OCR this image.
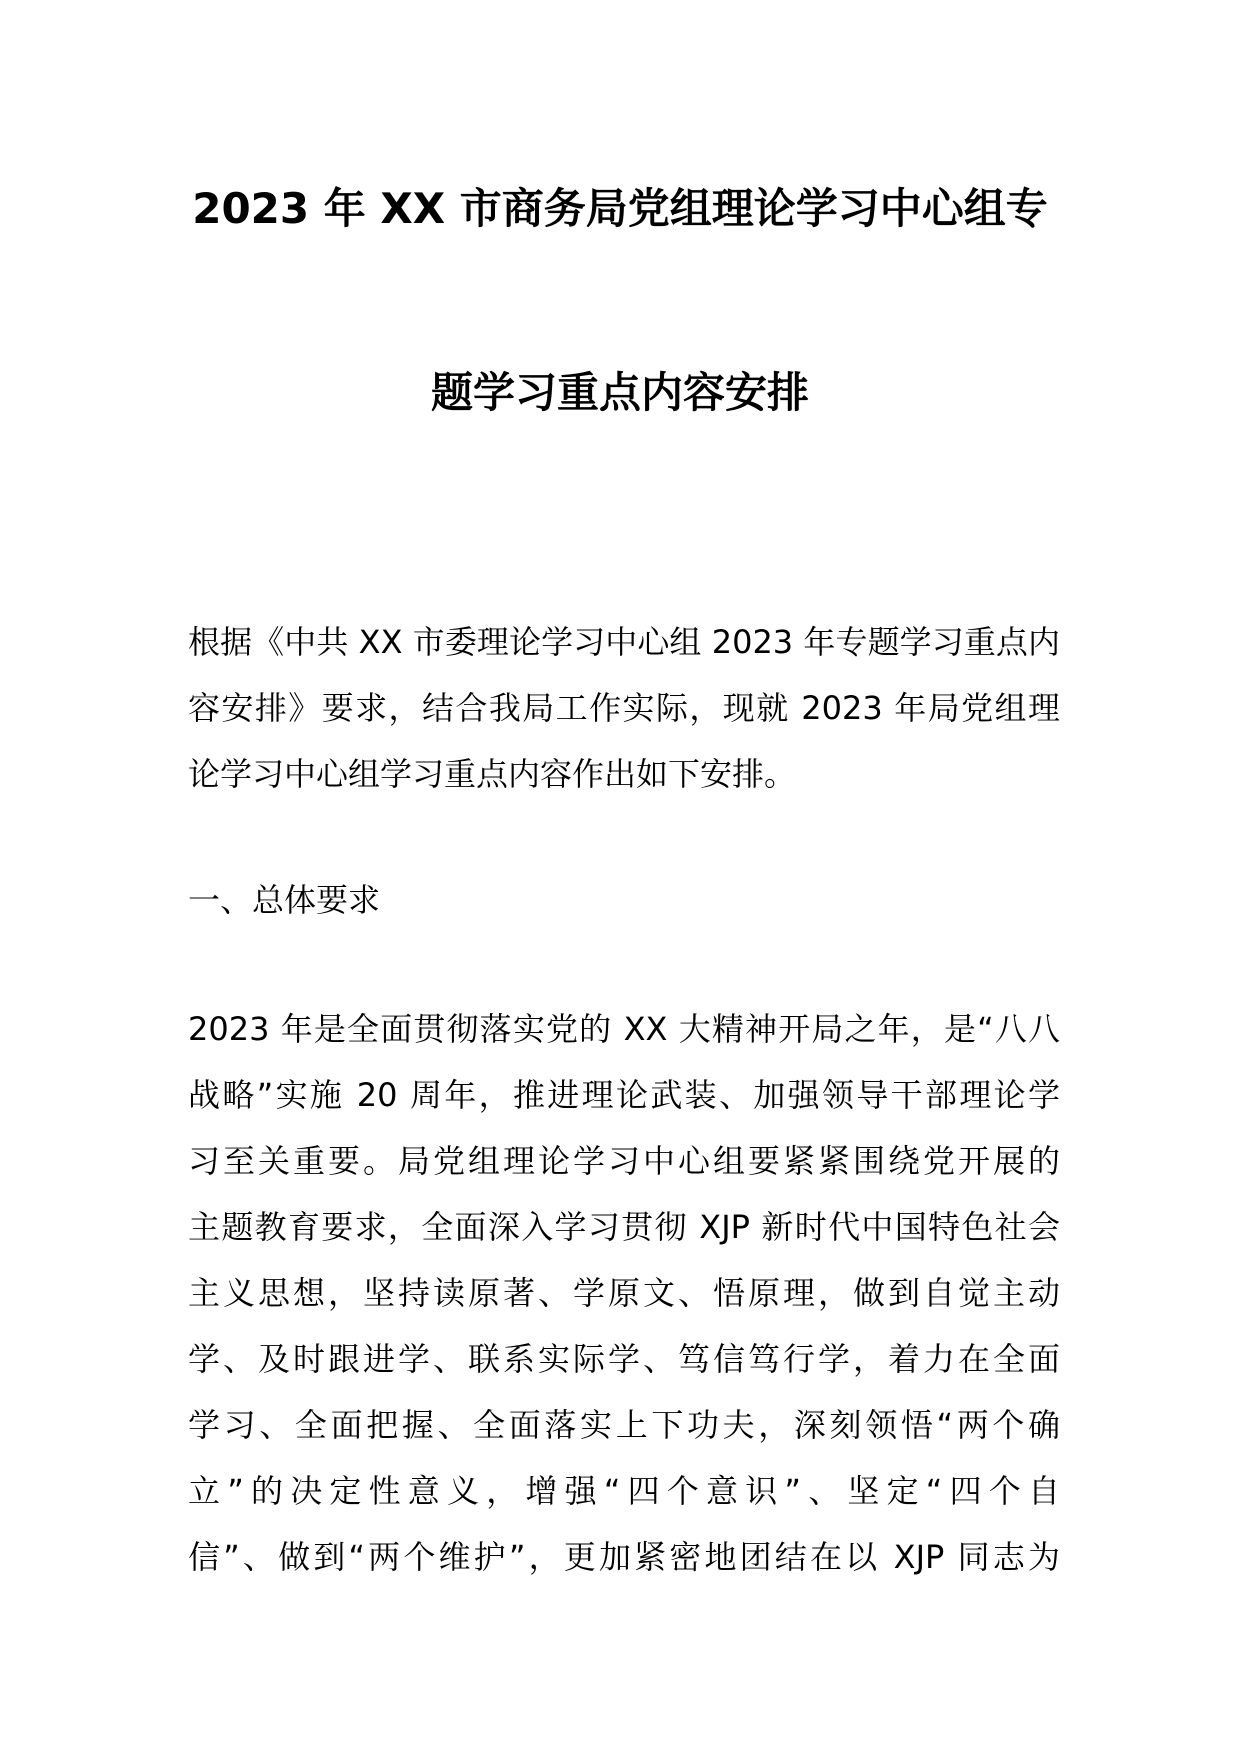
2023 年 XX 市商务局党组理论学习中心组专
题学习重点内容安排
根据《中共 XX 市委理论学习中心组 2023 年专题学习重点内
容安排》要求，结合我局工作实际，现就 2023 年局党组理
论学习中心组学习重点内容作出如下安排。
一、总体要求
2023 年是全面贯彻落实党的 XX 大精神开局之年，是“八八
战略”实施 20 周年，推进理论武装、加强领导干部理论学
习至关重要。局党组理论学习中心组要紧紧围绕党开展的
主题教育要求，全面深入学习贯彻 XJP 新时代中国特色社会
主义思想，坚持读原著、学原文、悟原理，做到自觉主动
学、及时跟进学、联系实际学、笃信笃行学，着力在全面
学习、全面把握、全面落实上下功夫，深刻领悟“两个确
立”的决定性意义，增强“四个意识”、坚定“四个自
信”、做到“两个维护”，更加紧密地团结在以 XJP 同志为
